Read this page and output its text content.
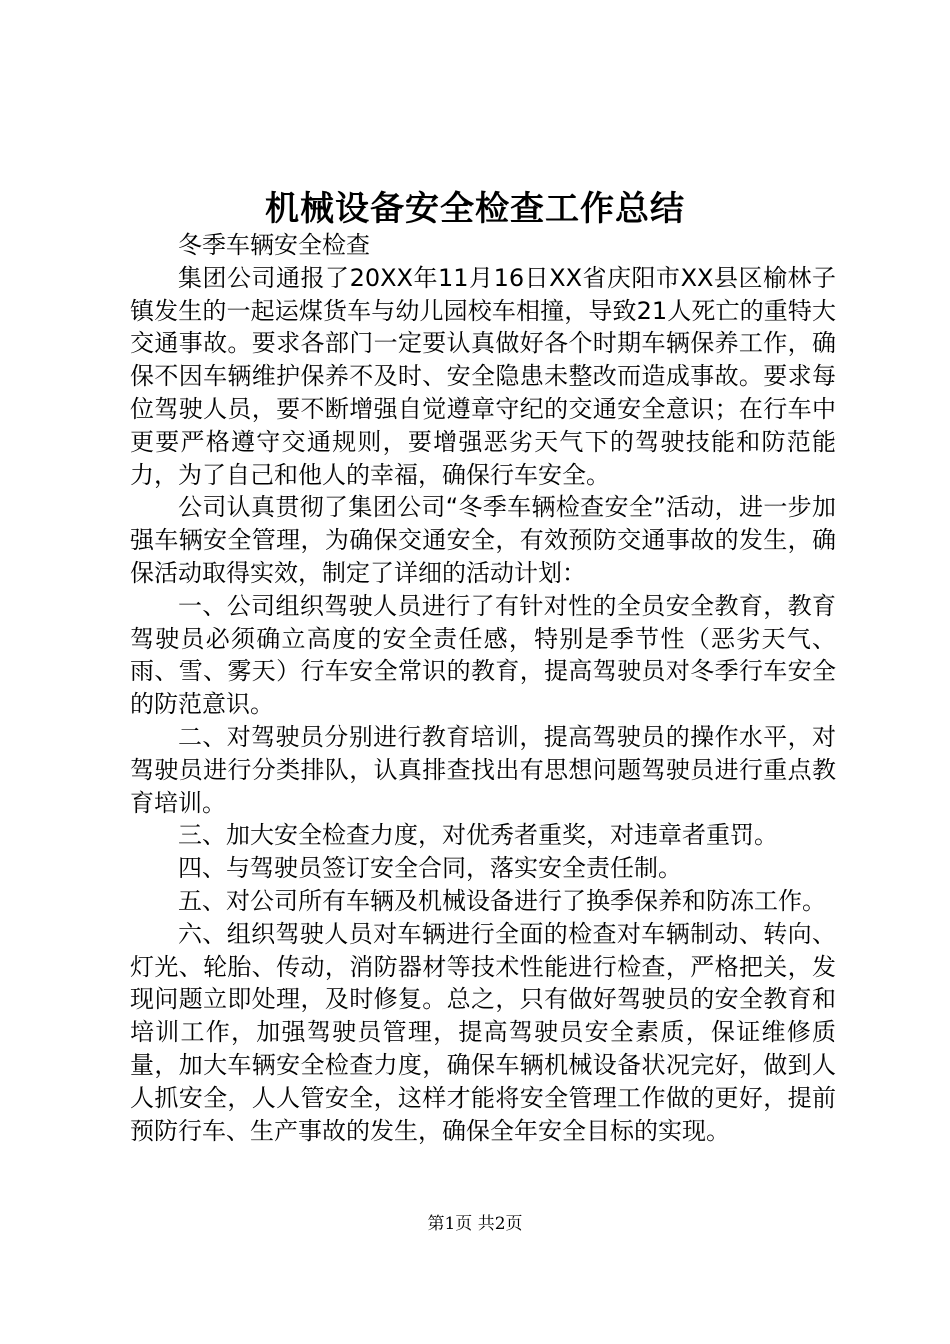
机械设备安全检查工作总结

冬季车辆安全检查

集团公司通报了20XX年11月16日XX省庆阳市XX县区榆林子镇发生的一起运煤货车与幼儿园校车相撞，导致21人死亡的重特大交通事故。要求各部门一定要认真做好各个时期车辆保养工作，确保不因车辆维护保养不及时、安全隐患未整改而造成事故。要求每位驾驶人员，要不断增强自觉遵章守纪的交通安全意识；在行车中更要严格遵守交通规则，要增强恶劣天气下的驾驶技能和防范能力，为了自己和他人的幸福，确保行车安全。

公司认真贯彻了集团公司“冬季车辆检查安全”活动，进一步加强车辆安全管理，为确保交通安全，有效预防交通事故的发生，确保活动取得实效，制定了详细的活动计划：

一、公司组织驾驶人员进行了有针对性的全员安全教育，教育驾驶员必须确立高度的安全责任感，特别是季节性（恶劣天气、雨、雪、雾天）行车安全常识的教育，提高驾驶员对冬季行车安全的防范意识。

二、对驾驶员分别进行教育培训，提高驾驶员的操作水平，对驾驶员进行分类排队，认真排查找出有思想问题驾驶员进行重点教育培训。

三、加大安全检查力度，对优秀者重奖，对违章者重罚。

四、与驾驶员签订安全合同，落实安全责任制。

五、对公司所有车辆及机械设备进行了换季保养和防冻工作。

六、组织驾驶人员对车辆进行全面的检查对车辆制动、转向、灯光、轮胎、传动，消防器材等技术性能进行检查，严格把关，发现问题立即处理，及时修复。总之，只有做好驾驶员的安全教育和培训工作，加强驾驶员管理，提高驾驶员安全素质，保证维修质量，加大车辆安全检查力度，确保车辆机械设备状况完好，做到人人抓安全，人人管安全，这样才能将安全管理工作做的更好，提前预防行车、生产事故的发生，确保全年安全目标的实现。

第1页 共2页
